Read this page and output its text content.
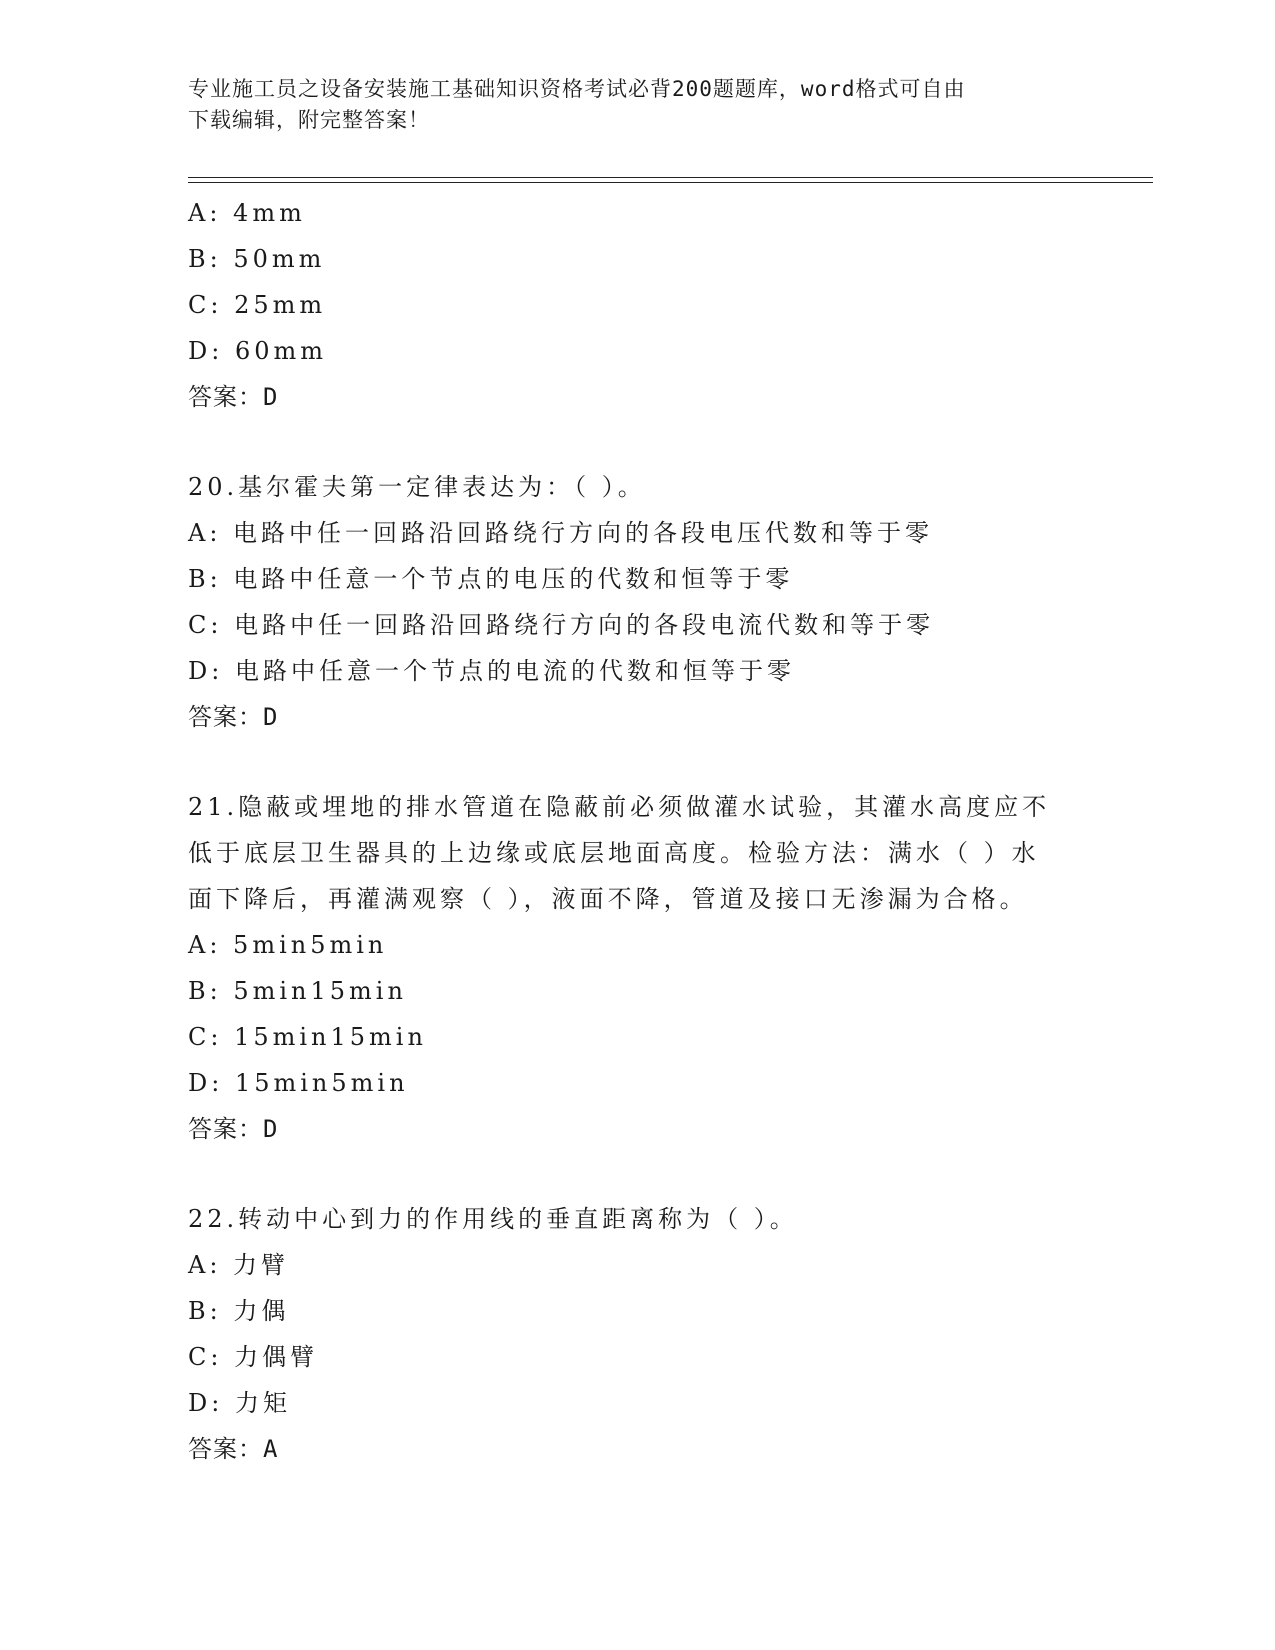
专业施工员之设备安装施工基础知识资格考试必背200题题库，word格式可自由
下载编辑，附完整答案！
A: 4mm
B: 50mm
C: 25mm
D: 60mm
答案：D
20.基尔霍夫第一定律表达为：（ ）。
A: 电路中任一回路沿回路绕行方向的各段电压代数和等于零
B: 电路中任意一个节点的电压的代数和恒等于零
C: 电路中任一回路沿回路绕行方向的各段电流代数和等于零
D: 电路中任意一个节点的电流的代数和恒等于零
答案：D
21.隐蔽或埋地的排水管道在隐蔽前必须做灌水试验，其灌水高度应不
低于底层卫生器具的上边缘或底层地面高度。检验方法：满水（ ）水
面下降后，再灌满观察（ ），液面不降，管道及接口无渗漏为合格。
A: 5min5min
B: 5min15min
C: 15min15min
D: 15min5min
答案：D
22.转动中心到力的作用线的垂直距离称为（ ）。
A: 力臂
B: 力偶
C: 力偶臂
D: 力矩
答案：A
